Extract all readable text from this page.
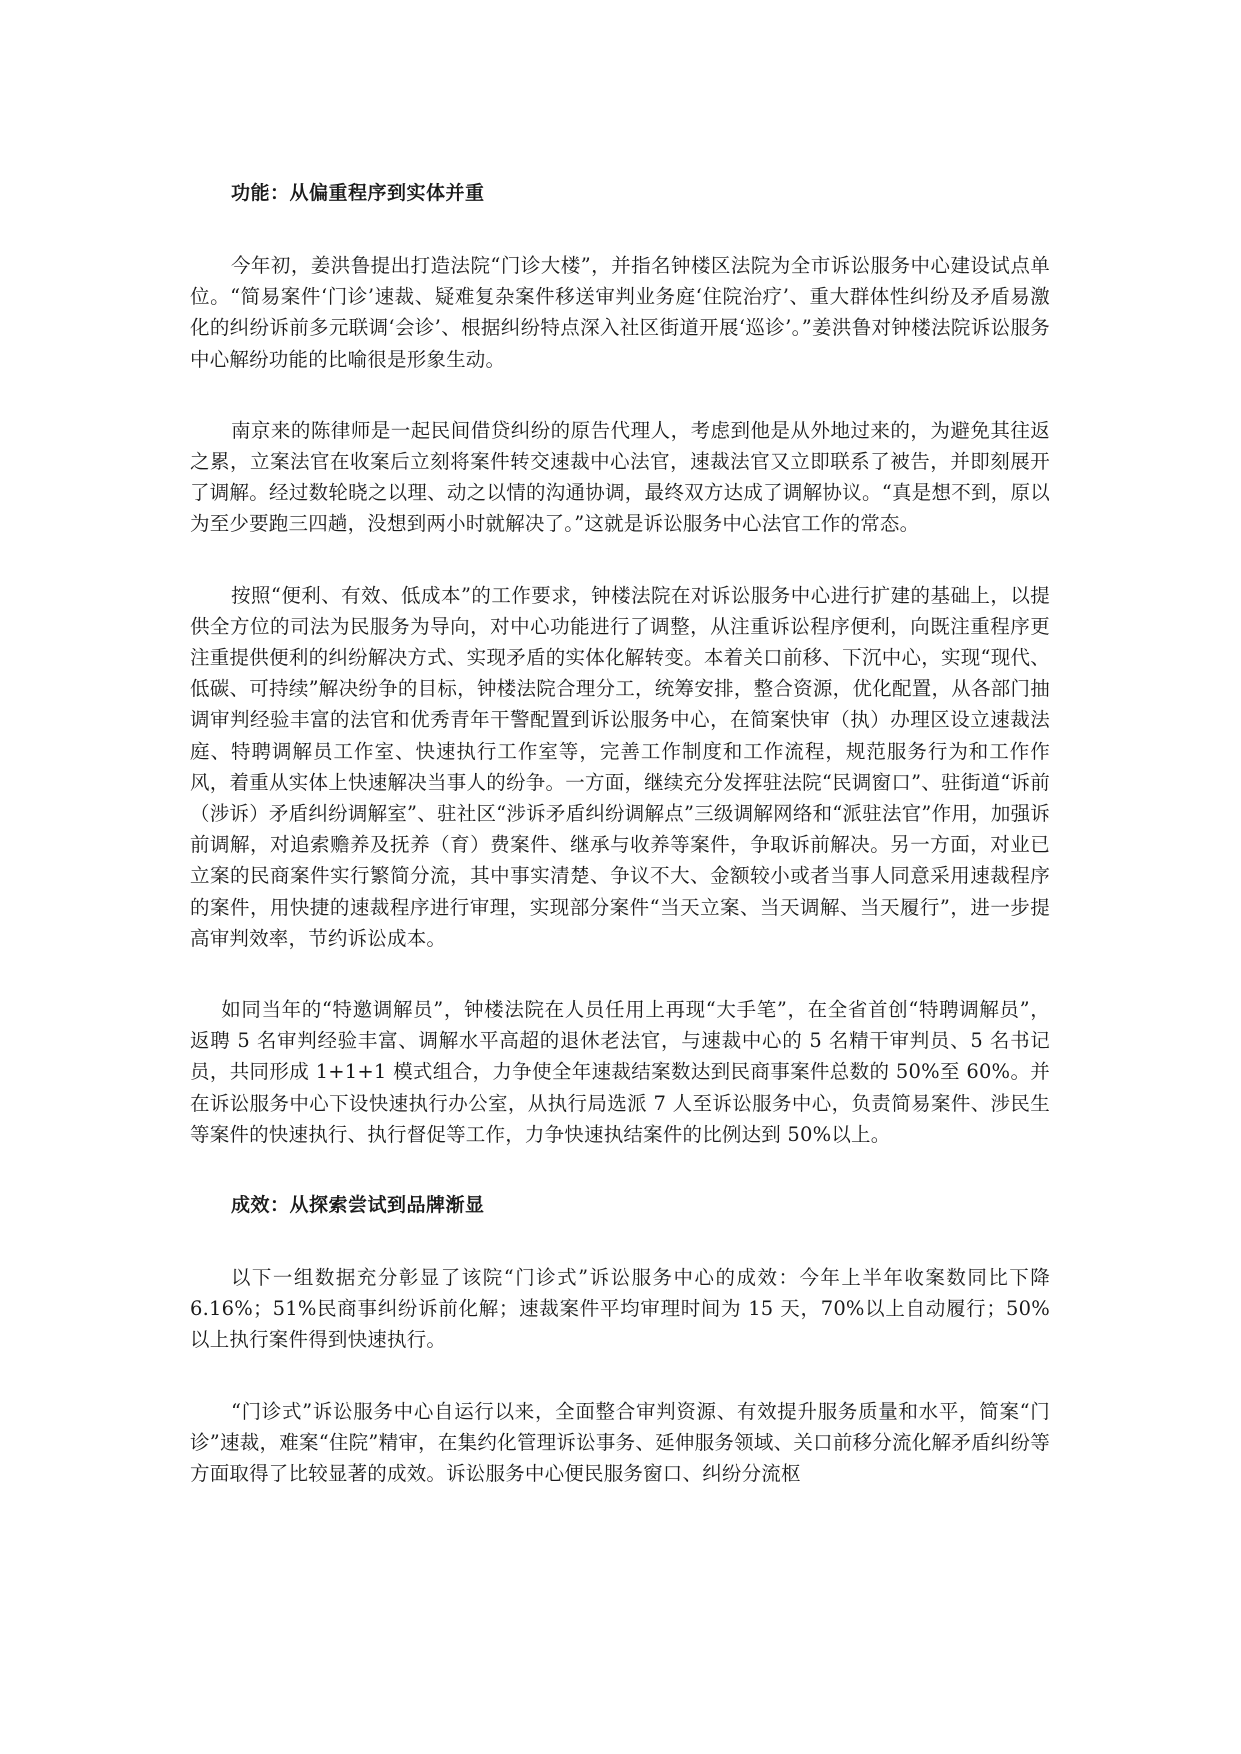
功能：从偏重程序到实体并重

今年初，姜洪鲁提出打造法院“门诊大楼”，并指名钟楼区法院为全市诉讼服务中心建设试点单位。“简易案件‘门诊’速裁、疑难复杂案件移送审判业务庭‘住院治疗’、重大群体性纠纷及矛盾易激化的纠纷诉前多元联调‘会诊’、根据纠纷特点深入社区街道开展‘巡诊’。”姜洪鲁对钟楼法院诉讼服务中心解纷功能的比喻很是形象生动。

南京来的陈律师是一起民间借贷纠纷的原告代理人，考虑到他是从外地过来的，为避免其往返之累，立案法官在收案后立刻将案件转交速裁中心法官，速裁法官又立即联系了被告，并即刻展开了调解。经过数轮晓之以理、动之以情的沟通协调，最终双方达成了调解协议。“真是想不到，原以为至少要跑三四趟，没想到两小时就解决了。”这就是诉讼服务中心法官工作的常态。

按照“便利、有效、低成本”的工作要求，钟楼法院在对诉讼服务中心进行扩建的基础上，以提供全方位的司法为民服务为导向，对中心功能进行了调整，从注重诉讼程序便利，向既注重程序更注重提供便利的纠纷解决方式、实现矛盾的实体化解转变。本着关口前移、下沉中心，实现“现代、低碳、可持续”解决纷争的目标，钟楼法院合理分工，统筹安排，整合资源，优化配置，从各部门抽调审判经验丰富的法官和优秀青年干警配置到诉讼服务中心，在简案快审（执）办理区设立速裁法庭、特聘调解员工作室、快速执行工作室等，完善工作制度和工作流程，规范服务行为和工作作风，着重从实体上快速解决当事人的纷争。一方面，继续充分发挥驻法院“民调窗口”、驻街道“诉前（涉诉）矛盾纠纷调解室”、驻社区“涉诉矛盾纠纷调解点”三级调解网络和“派驻法官”作用，加强诉前调解，对追索赡养及抚养（育）费案件、继承与收养等案件，争取诉前解决。另一方面，对业已立案的民商案件实行繁简分流，其中事实清楚、争议不大、金额较小或者当事人同意采用速裁程序的案件，用快捷的速裁程序进行审理，实现部分案件“当天立案、当天调解、当天履行”，进一步提高审判效率，节约诉讼成本。

如同当年的“特邀调解员”，钟楼法院在人员任用上再现“大手笔”，在全省首创“特聘调解员”，返聘 5 名审判经验丰富、调解水平高超的退休老法官，与速裁中心的 5 名精干审判员、5 名书记员，共同形成 1+1+1 模式组合，力争使全年速裁结案数达到民商事案件总数的 50%至 60%。并在诉讼服务中心下设快速执行办公室，从执行局选派 7 人至诉讼服务中心，负责简易案件、涉民生等案件的快速执行、执行督促等工作，力争快速执结案件的比例达到 50%以上。

成效：从探索尝试到品牌渐显

以下一组数据充分彰显了该院“门诊式”诉讼服务中心的成效：今年上半年收案数同比下降 6.16%；51%民商事纠纷诉前化解；速裁案件平均审理时间为 15 天，70%以上自动履行；50%以上执行案件得到快速执行。

“门诊式”诉讼服务中心自运行以来，全面整合审判资源、有效提升服务质量和水平，简案“门诊”速裁，难案“住院”精审，在集约化管理诉讼事务、延伸服务领域、关口前移分流化解矛盾纠纷等方面取得了比较显著的成效。诉讼服务中心便民服务窗口、纠纷分流枢
